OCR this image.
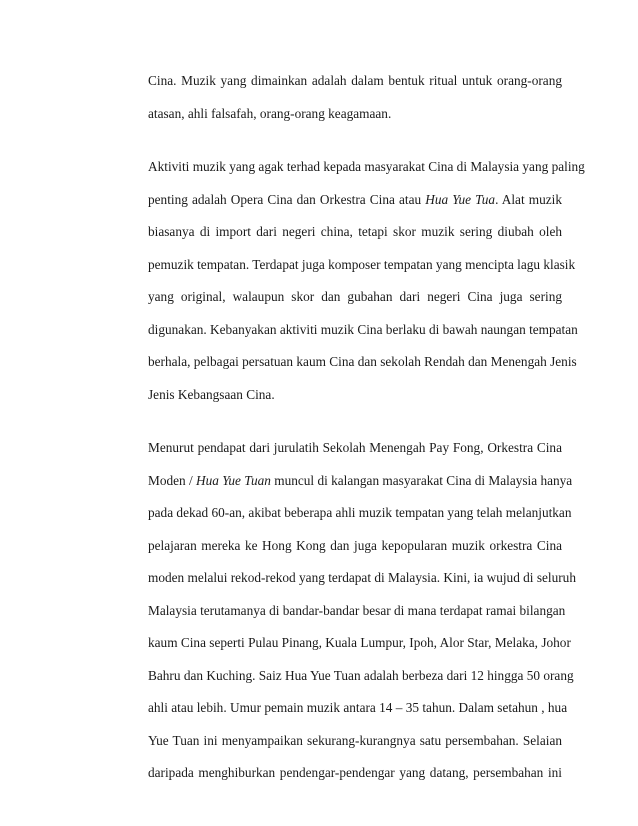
Cina. Muzik yang dimainkan adalah dalam bentuk ritual untuk orang-orang
atasan, ahli falsafah, orang-orang keagamaan.
Aktiviti muzik yang agak terhad kepada masyarakat Cina di Malaysia yang paling
penting adalah Opera Cina dan Orkestra Cina atau Hua Yue Tua. Alat muzik
biasanya di import dari negeri china, tetapi skor muzik sering diubah oleh
pemuzik tempatan. Terdapat juga komposer tempatan yang mencipta lagu klasik
yang original, walaupun skor dan gubahan dari negeri Cina juga sering
digunakan. Kebanyakan aktiviti muzik Cina berlaku di bawah naungan tempatan
berhala, pelbagai persatuan kaum Cina dan sekolah Rendah dan Menengah Jenis
Jenis Kebangsaan Cina.
Menurut pendapat dari jurulatih Sekolah Menengah Pay Fong, Orkestra Cina
Moden / Hua Yue Tuan muncul di kalangan masyarakat Cina di Malaysia hanya
pada dekad 60-an, akibat beberapa ahli muzik tempatan yang telah melanjutkan
pelajaran mereka ke Hong Kong dan juga kepopularan muzik orkestra Cina
moden melalui rekod-rekod yang terdapat di Malaysia. Kini, ia wujud di seluruh
Malaysia terutamanya di bandar-bandar besar di mana terdapat ramai bilangan
kaum Cina seperti Pulau Pinang, Kuala Lumpur, Ipoh, Alor Star, Melaka, Johor
Bahru dan Kuching. Saiz Hua Yue Tuan adalah berbeza dari 12 hingga 50 orang
ahli atau lebih. Umur pemain muzik antara 14 – 35 tahun. Dalam setahun , hua
Yue Tuan ini menyampaikan sekurang-kurangnya satu persembahan. Selaian
daripada menghiburkan pendengar-pendengar yang datang, persembahan ini
